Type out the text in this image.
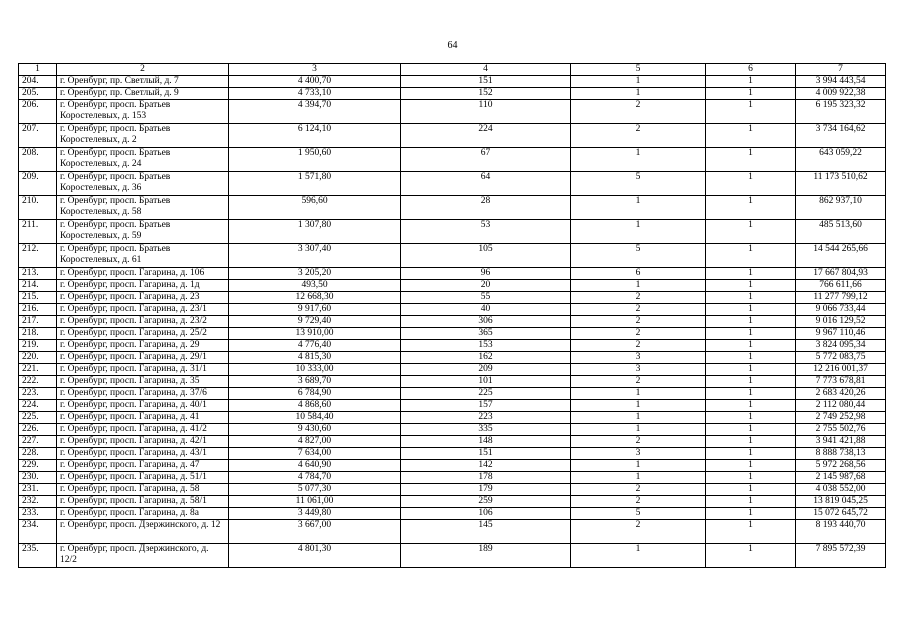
64
1	2	3	4	5	6	7
204.	г. Оренбург, пр. Светлый, д. 7	4 400,70	151	1	1	3 994 443,54
205.	г. Оренбург, пр. Светлый, д. 9	4 733,10	152	1	1	4 009 922,38
206.	г. Оренбург, просп. Братьев Коростелевых, д. 153	4 394,70	110	2	1	6 195 323,32
207.	г. Оренбург, просп. Братьев Коростелевых, д. 2	6 124,10	224	2	1	3 734 164,62
208.	г. Оренбург, просп. Братьев Коростелевых, д. 24	1 950,60	67	1	1	643 059,22
209.	г. Оренбург, просп. Братьев Коростелевых, д. 36	1 571,80	64	5	1	11 173 510,62
210.	г. Оренбург, просп. Братьев Коростелевых, д. 58	596,60	28	1	1	862 937,10
211.	г. Оренбург, просп. Братьев Коростелевых, д. 59	1 307,80	53	1	1	485 513,60
212.	г. Оренбург, просп. Братьев Коростелевых, д. 61	3 307,40	105	5	1	14 544 265,66
213.	г. Оренбург, просп. Гагарина, д. 106	3 205,20	96	6	1	17 667 804,93
214.	г. Оренбург, просп. Гагарина, д. 1д	493,50	20	1	1	766 611,66
215.	г. Оренбург, просп. Гагарина, д. 23	12 668,30	55	2	1	11 277 799,12
216.	г. Оренбург, просп. Гагарина, д. 23/1	9 917,60	40	2	1	9 066 733,44
217.	г. Оренбург, просп. Гагарина, д. 23/2	9 729,40	306	2	1	9 016 129,52
218.	г. Оренбург, просп. Гагарина, д. 25/2	13 910,00	365	2	1	9 967 110,46
219.	г. Оренбург, просп. Гагарина, д. 29	4 776,40	153	2	1	3 824 095,34
220.	г. Оренбург, просп. Гагарина, д. 29/1	4 815,30	162	3	1	5 772 083,75
221.	г. Оренбург, просп. Гагарина, д. 31/1	10 333,00	209	3	1	12 216 001,37
222.	г. Оренбург, просп. Гагарина, д. 35	3 689,70	101	2	1	7 773 678,81
223.	г. Оренбург, просп. Гагарина, д. 37/6	6 784,90	225	1	1	2 683 420,26
224.	г. Оренбург, просп. Гагарина, д. 40/1	4 868,60	157	1	1	2 112 080,44
225.	г. Оренбург, просп. Гагарина, д. 41	10 584,40	223	1	1	2 749 252,98
226.	г. Оренбург, просп. Гагарина, д. 41/2	9 430,60	335	1	1	2 755 502,76
227.	г. Оренбург, просп. Гагарина, д. 42/1	4 827,00	148	2	1	3 941 421,88
228.	г. Оренбург, просп. Гагарина, д. 43/1	7 634,00	151	3	1	8 888 738,13
229.	г. Оренбург, просп. Гагарина, д. 47	4 640,90	142	1	1	5 972 268,56
230.	г. Оренбург, просп. Гагарина, д. 51/1	4 784,70	178	1	1	2 145 987,68
231.	г. Оренбург, просп. Гагарина, д. 58	5 077,30	179	2	1	4 038 552,00
232.	г. Оренбург, просп. Гагарина, д. 58/1	11 061,00	259	2	1	13 819 045,25
233.	г. Оренбург, просп. Гагарина, д. 8а	3 449,80	106	5	1	15 072 645,72
234.	г. Оренбург, просп. Дзержинского, д. 12	3 667,00	145	2	1	8 193 440,70
235.	г. Оренбург, просп. Дзержинского, д. 12/2	4 801,30	189	1	1	7 895 572,39
